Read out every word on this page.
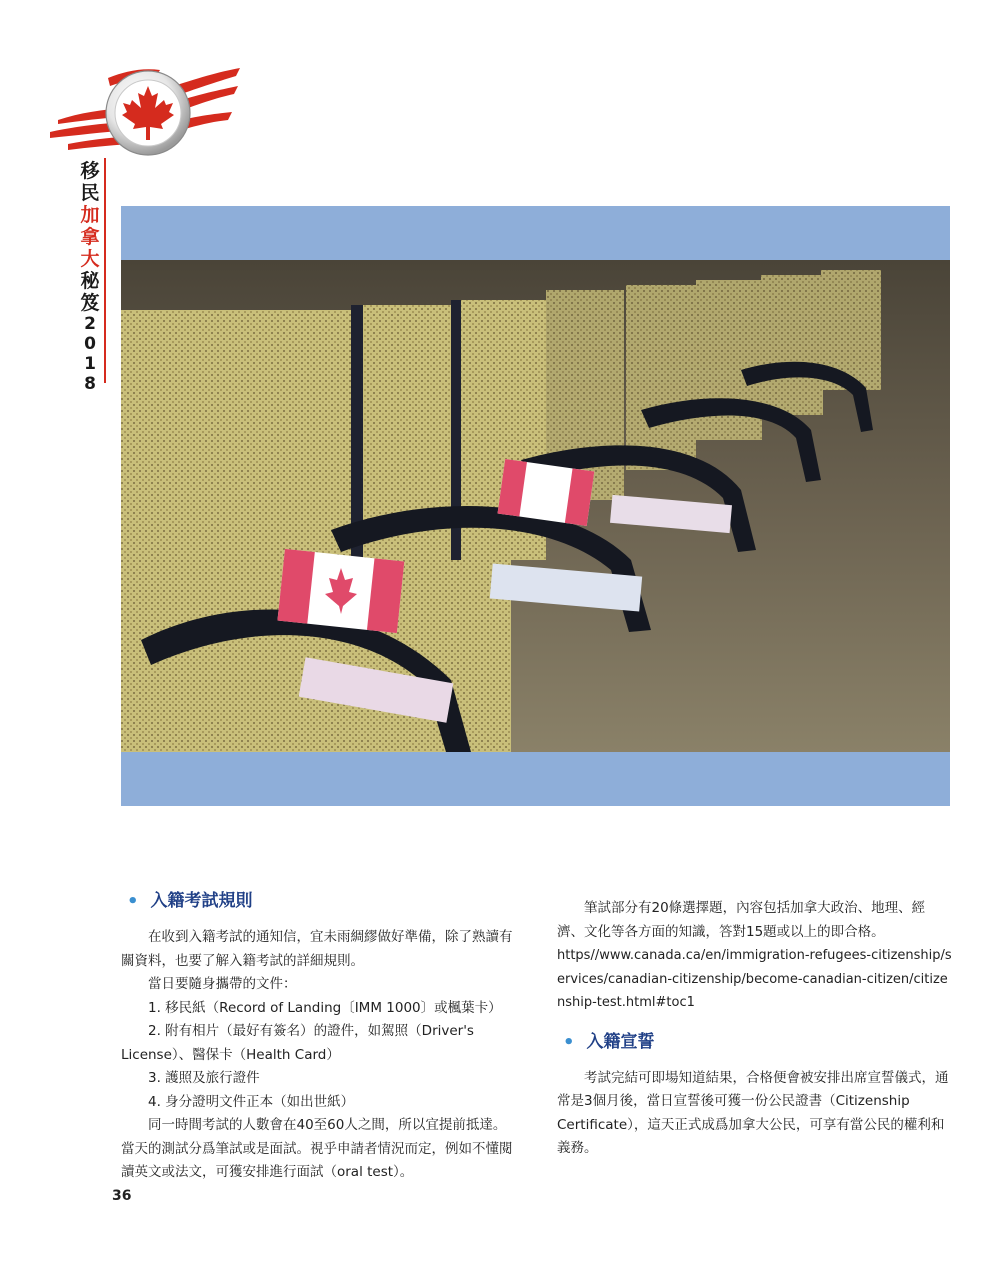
移
民
加
拿
大
秘
笈
2
0
1
8
• 入籍考試規則

在收到入籍考試的通知信，宜未雨綢繆做好準備，除了熟讀有關資料，也要了解入籍考試的詳細規則。

當日要隨身攜帶的文件：

1. 移民紙（Record of Landing〔IMM 1000〕或楓葉卡）

2. 附有相片（最好有簽名）的證件，如駕照（Driver's License）、醫保卡（Health Card）

3. 護照及旅行證件

4. 身分證明文件正本（如出世紙）

同一時間考試的人數會在40至60人之間，所以宜提前抵達。當天的測試分爲筆試或是面試。視乎申請者情況而定，例如不懂閱讀英文或法文，可獲安排進行面試（oral test）。

筆試部分有20條選擇題，內容包括加拿大政治、地理、經濟、文化等各方面的知識，答對15題或以上的即合格。

https//www.canada.ca/en/immigration-refugees-citizenship/services/canadian-citizenship/become-canadian-citizen/citizenship-test.html#toc1

• 入籍宣誓

考試完結可即場知道結果，合格便會被安排出席宣誓儀式，通常是3個月後，當日宣誓後可獲一份公民證書（Citizenship Certificate），這天正式成爲加拿大公民，可享有當公民的權利和義務。

36
